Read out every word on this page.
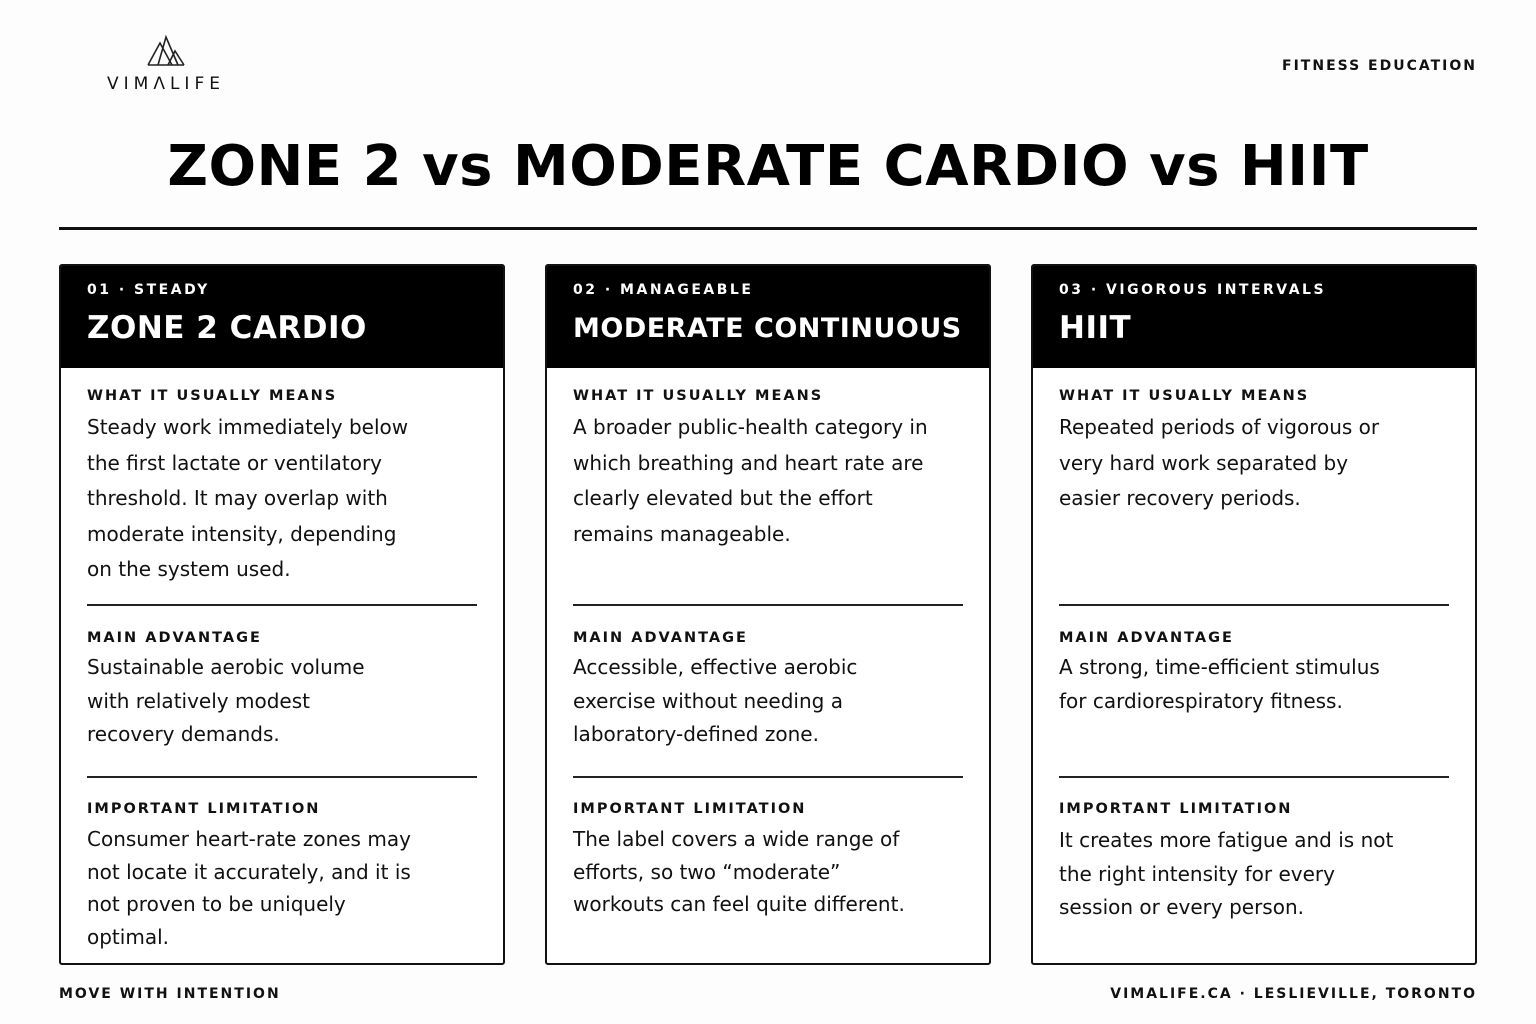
VIMΛLIFE
FITNESS EDUCATION
ZONE 2 vs MODERATE CARDIO vs HIIT
01 · STEADY
ZONE 2 CARDIO
WHAT IT USUALLY MEANS
Steady work immediately below the first lactate or ventilatory threshold. It may overlap with moderate intensity, depending on the system used.
MAIN ADVANTAGE
Sustainable aerobic volume with relatively modest recovery demands.
IMPORTANT LIMITATION
Consumer heart-rate zones may not locate it accurately, and it is not proven to be uniquely optimal.
02 · MANAGEABLE
MODERATE CONTINUOUS
WHAT IT USUALLY MEANS
A broader public-health category in which breathing and heart rate are clearly elevated but the effort remains manageable.
MAIN ADVANTAGE
Accessible, effective aerobic exercise without needing a laboratory-defined zone.
IMPORTANT LIMITATION
The label covers a wide range of efforts, so two “moderate” workouts can feel quite different.
03 · VIGOROUS INTERVALS
HIIT
WHAT IT USUALLY MEANS
Repeated periods of vigorous or very hard work separated by easier recovery periods.
MAIN ADVANTAGE
A strong, time-efficient stimulus for cardiorespiratory fitness.
IMPORTANT LIMITATION
It creates more fatigue and is not the right intensity for every session or every person.
MOVE WITH INTENTION	VIMALIFE.CA · LESLIEVILLE, TORONTO
